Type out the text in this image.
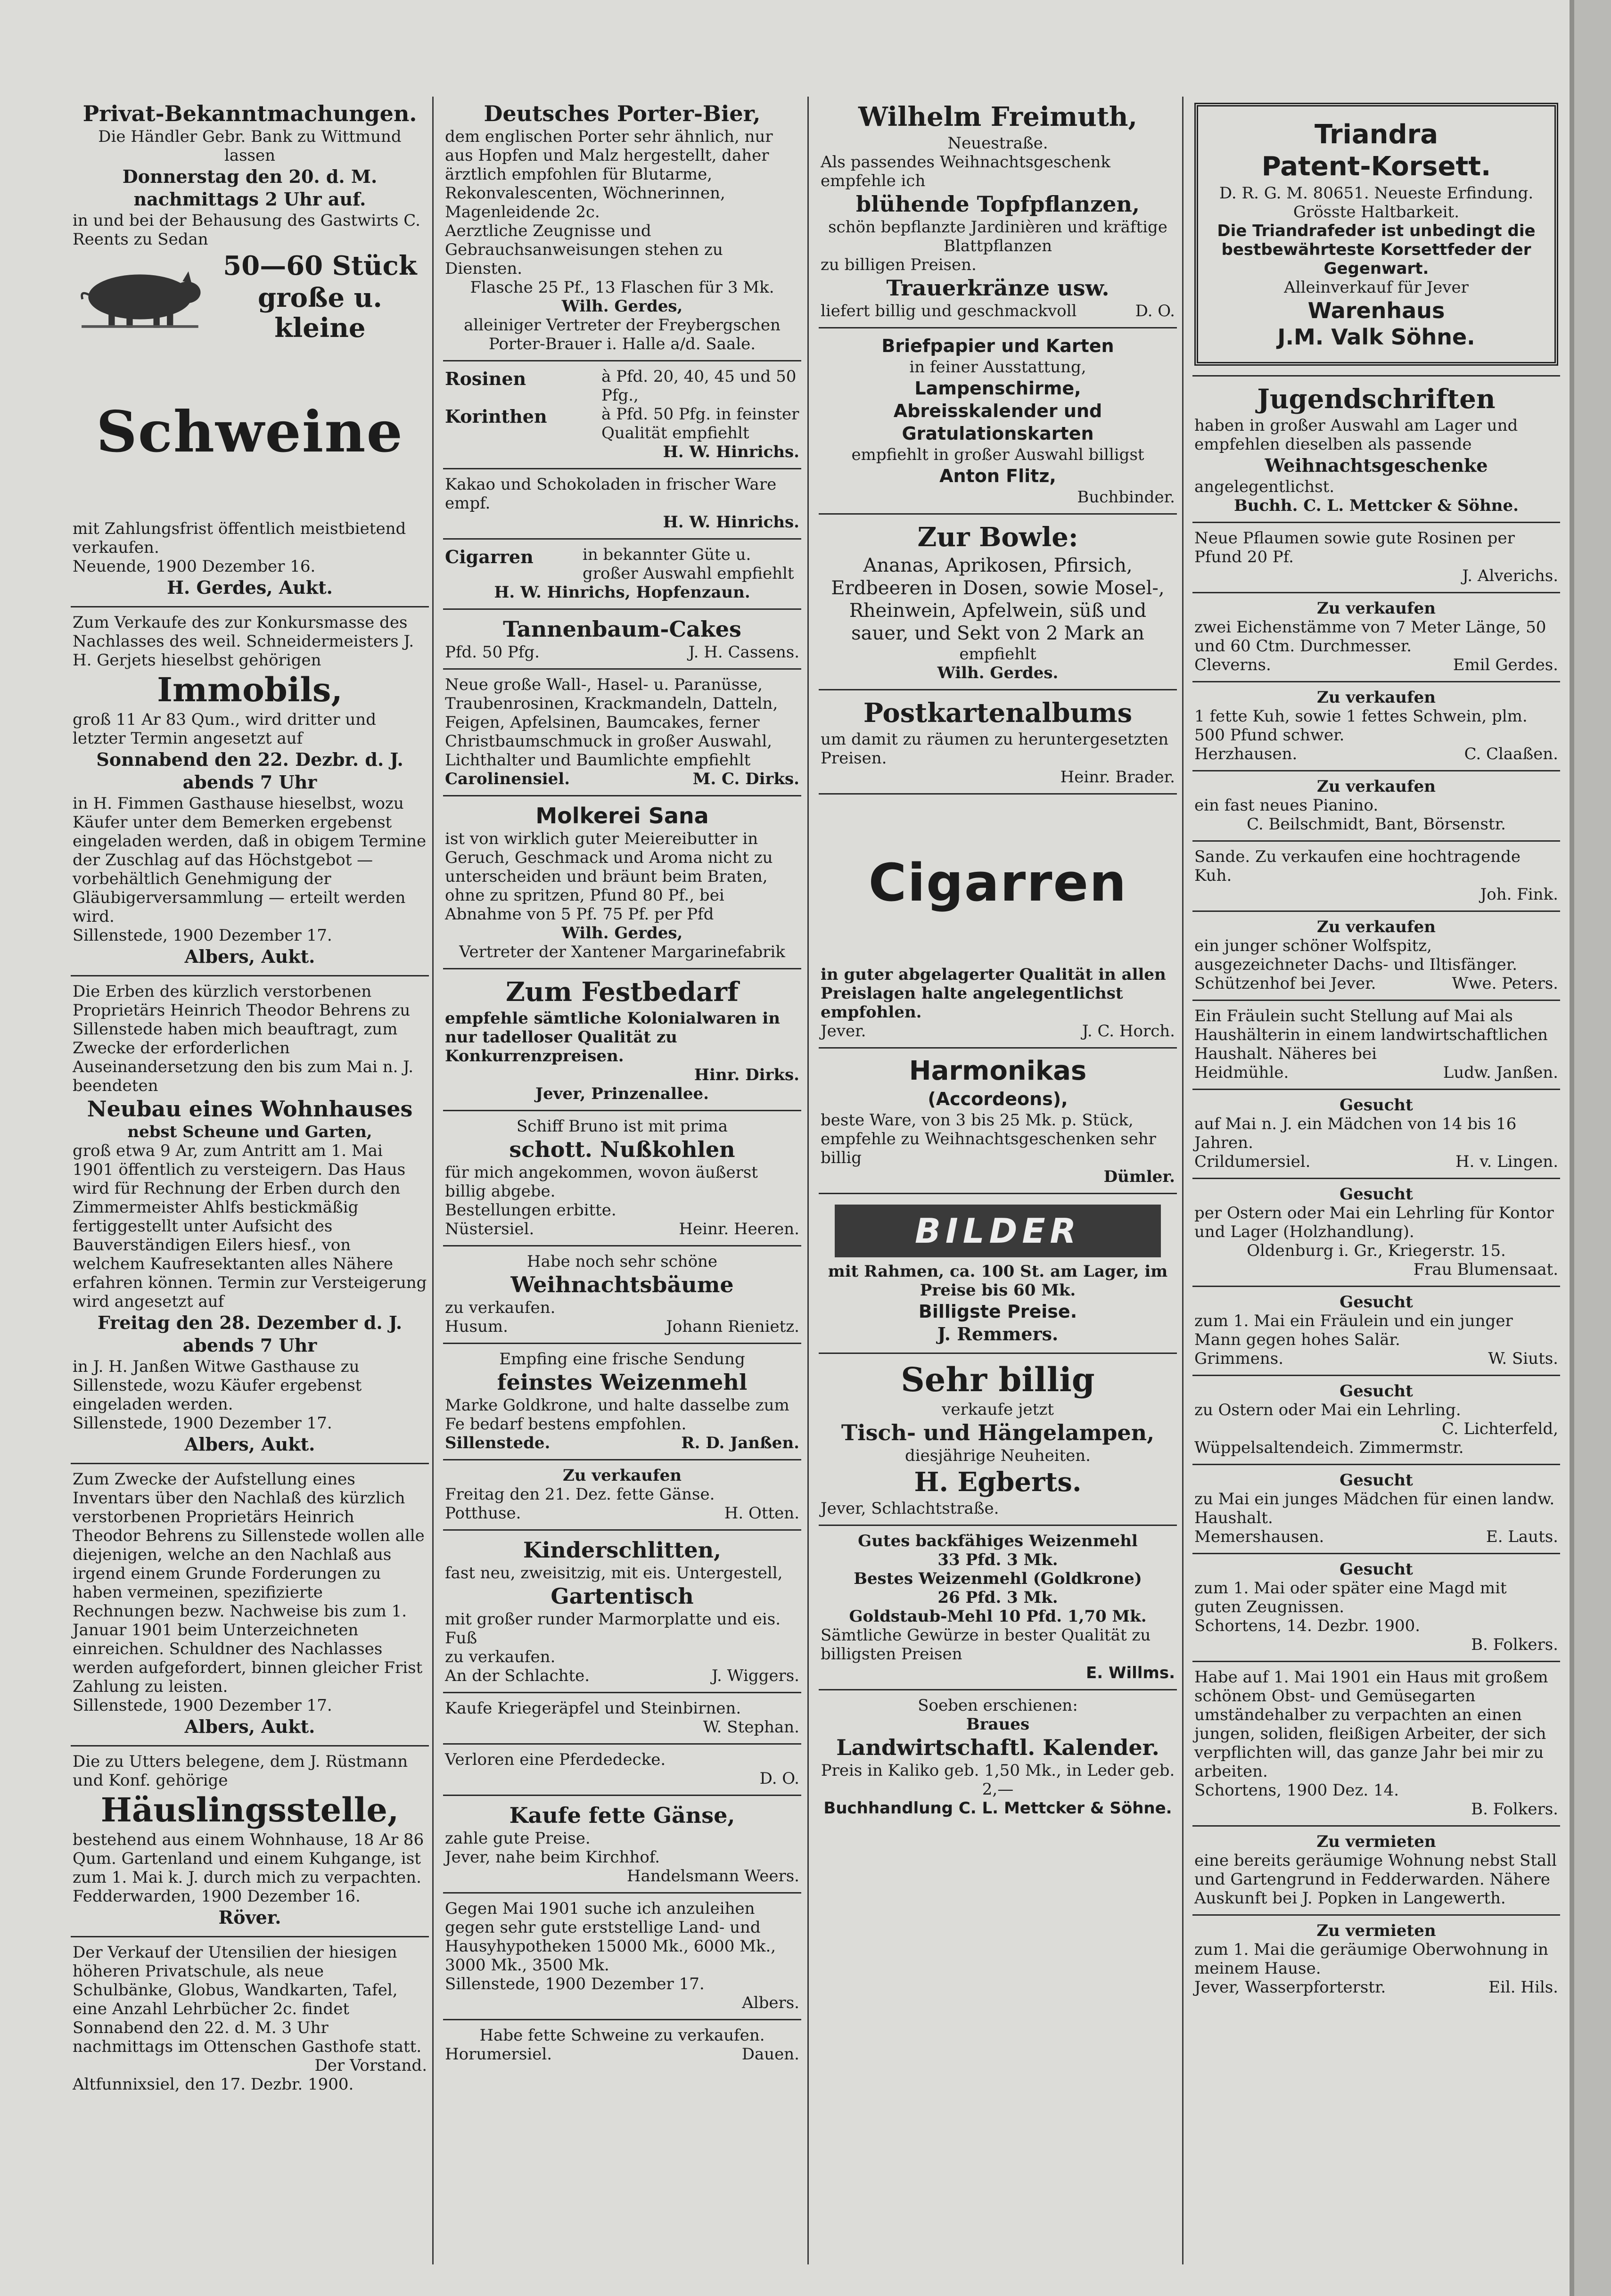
Privat-Bekanntmachungen.

Die Händler Gebr. Bank zu Wittmund lassen

Donnerstag den 20. d. M.

nachmittags 2 Uhr auf.

in und bei der Behausung des Gastwirts C. Reents zu Sedan

50—60 Stück

große u. kleine

Schweine

mit Zahlungsfrist öffentlich meistbietend verkaufen.

Neuende, 1900 Dezember 16.

H. Gerdes, Aukt.

Zum Verkaufe des zur Konkursmasse des Nachlasses des weil. Schneidermeisters J. H. Gerjets hieselbst gehörigen

Immobils,

groß 11 Ar 83 Qum., wird dritter und letzter Termin angesetzt auf

Sonnabend den 22. Dezbr. d. J.

abends 7 Uhr

in H. Fimmen Gasthause hieselbst, wozu Käufer unter dem Bemerken ergebenst eingeladen werden, daß in obigem Termine der Zuschlag auf das Höchstgebot — vorbehältlich Genehmigung der Gläubigerversammlung — erteilt werden wird.

Sillenstede, 1900 Dezember 17.

Albers, Aukt.

Die Erben des kürzlich verstorbenen Proprietärs Heinrich Theodor Behrens zu Sillenstede haben mich beauftragt, zum Zwecke der erforderlichen Auseinandersetzung den bis zum Mai n. J. beendeten

Neubau eines Wohnhauses

nebst Scheune und Garten,

groß etwa 9 Ar, zum Antritt am 1. Mai 1901 öffentlich zu versteigern. Das Haus wird für Rechnung der Erben durch den Zimmermeister Ahlfs bestickmäßig fertiggestellt unter Aufsicht des Bauverständigen Eilers hiesf., von welchem Kaufresektanten alles Nähere erfahren können. Termin zur Versteigerung wird angesetzt auf

Freitag den 28. Dezember d. J.

abends 7 Uhr

in J. H. Janßen Witwe Gasthause zu Sillenstede, wozu Käufer ergebenst eingeladen werden.

Sillenstede, 1900 Dezember 17.

Albers, Aukt.

Zum Zwecke der Aufstellung eines Inventars über den Nachlaß des kürzlich verstorbenen Proprietärs Heinrich Theodor Behrens zu Sillenstede wollen alle diejenigen, welche an den Nachlaß aus irgend einem Grunde Forderungen zu haben vermeinen, spezifizierte Rechnungen bezw. Nachweise bis zum 1. Januar 1901 beim Unterzeichneten einreichen. Schuldner des Nachlasses werden aufgefordert, binnen gleicher Frist Zahlung zu leisten.

Sillenstede, 1900 Dezember 17.

Albers, Aukt.

Die zu Utters belegene, dem J. Rüstmann und Konf. gehörige

Häuslingsstelle,

bestehend aus einem Wohnhause, 18 Ar 86 Qum. Gartenland und einem Kuhgange, ist zum 1. Mai k. J. durch mich zu verpachten.

Fedderwarden, 1900 Dezember 16.

Röver.

Der Verkauf der Utensilien der hiesigen höheren Privatschule, als neue Schulbänke, Globus, Wandkarten, Tafel, eine Anzahl Lehrbücher 2c. findet Sonnabend den 22. d. M. 3 Uhr nachmittags im Ottenschen Gasthofe statt.

Der Vorstand.

Altfunnixsiel, den 17. Dezbr. 1900.

Deutsches Porter-Bier,

dem englischen Porter sehr ähnlich, nur aus Hopfen und Malz hergestellt, daher ärztlich empfohlen für Blutarme, Rekonvalescenten, Wöchnerinnen, Magenleidende 2c.

Aerztliche Zeugnisse und Gebrauchsanweisungen stehen zu Diensten.

Flasche 25 Pf., 13 Flaschen für 3 Mk.

Wilh. Gerdes,

alleiniger Vertreter der Freybergschen Porter-Brauer i. Halle a/d. Saale.

Rosinen	à Pfd. 20, 40, 45 und 50 Pfg.,

Korinthen	à Pfd. 50 Pfg. in feinster Qualität empfiehlt

H. W. Hinrichs.

Kakao und Schokoladen in frischer Ware empf.

H. W. Hinrichs.

Cigarren	in bekannter Güte u. großer Auswahl empfiehlt

H. W. Hinrichs, Hopfenzaun.

Tannenbaum-Cakes

Pfd. 50 Pfg.	J. H. Cassens.

Neue große Wall-, Hasel- u. Paranüsse, Traubenrosinen, Krackmandeln, Datteln, Feigen, Apfelsinen, Baumcakes, ferner Christbaumschmuck in großer Auswahl, Lichthalter und Baumlichte empfiehlt

Carolinensiel.	M. C. Dirks.

Molkerei Sana

ist von wirklich guter Meiereibutter in Geruch, Geschmack und Aroma nicht zu unterscheiden und bräunt beim Braten, ohne zu spritzen, Pfund 80 Pf., bei Abnahme von 5 Pf. 75 Pf. per Pfd

Wilh. Gerdes,

Vertreter der Xantener Margarinefabrik

Zum Festbedarf

empfehle sämtliche Kolonialwaren in nur tadelloser Qualität zu Konkurrenzpreisen.

Hinr. Dirks.

Jever, Prinzenallee.

Schiff Bruno ist mit prima

schott. Nußkohlen

für mich angekommen, wovon äußerst billig abgebe.

Bestellungen erbitte.

Nüstersiel.	Heinr. Heeren.

Habe noch sehr schöne

Weihnachtsbäume

zu verkaufen.

Husum.	Johann Rienietz.

Empfing eine frische Sendung

feinstes Weizenmehl

Marke Goldkrone, und halte dasselbe zum Fe bedarf bestens empfohlen.

Sillenstede.	R. D. Janßen.

Zu verkaufen

Freitag den 21. Dez. fette Gänse.

Potthuse.	H. Otten.

Kinderschlitten,

fast neu, zweisitzig, mit eis. Untergestell,

Gartentisch

mit großer runder Marmorplatte und eis. Fuß

zu verkaufen.

An der Schlachte.	J. Wiggers.

Kaufe Kriegeräpfel und Steinbirnen.

W. Stephan.

Verloren eine Pferdedecke.

D. O.

Kaufe fette Gänse,

zahle gute Preise.

Jever, nahe beim Kirchhof.

Handelsmann Weers.

Gegen Mai 1901 suche ich anzuleihen gegen sehr gute erststellige Land- und Hausyhypotheken 15000 Mk., 6000 Mk., 3000 Mk., 3500 Mk.

Sillenstede, 1900 Dezember 17.

Albers.

Habe fette Schweine zu verkaufen.

Horumersiel.	Dauen.

Wilhelm Freimuth,

Neuestraße.

Als passendes Weihnachtsgeschenk empfehle ich

blühende Topfpflanzen,

schön bepflanzte Jardinièren und kräftige Blattpflanzen

zu billigen Preisen.

Trauerkränze usw.

liefert billig und geschmackvoll	D. O.

Briefpapier und Karten

in feiner Ausstattung,

Lampenschirme,

Abreisskalender und

Gratulationskarten

empfiehlt in großer Auswahl billigst

Anton Flitz,

Buchbinder.

Zur Bowle:

Ananas, Aprikosen, Pfirsich, Erdbeeren in Dosen, sowie Mosel-, Rheinwein, Apfelwein, süß und sauer, und Sekt von 2 Mark an

empfiehlt

Wilh. Gerdes.

Postkartenalbums

um damit zu räumen zu heruntergesetzten Preisen.

Heinr. Brader.

Cigarren

in guter abgelagerter Qualität in allen Preislagen halte angelegentlichst empfohlen.

Jever.	J. C. Horch.

Harmonikas

(Accordeons),

beste Ware, von 3 bis 25 Mk. p. Stück, empfehle zu Weihnachtsgeschenken sehr billig

Dümler.

BILDER

mit Rahmen, ca. 100 St. am Lager, im Preise bis 60 Mk.

Billigste Preise.

J. Remmers.

Sehr billig

verkaufe jetzt

Tisch- und Hängelampen,

diesjährige Neuheiten.

H. Egberts.

Jever, Schlachtstraße.

Gutes backfähiges Weizenmehl

33 Pfd. 3 Mk.

Bestes Weizenmehl (Goldkrone)

26 Pfd. 3 Mk.

Goldstaub-Mehl 10 Pfd. 1,70 Mk.

Sämtliche Gewürze in bester Qualität zu billigsten Preisen

E. Willms.

Soeben erschienen:

Braues

Landwirtschaftl. Kalender.

Preis in Kaliko geb. 1,50 Mk., in Leder geb. 2,—

Buchhandlung C. L. Mettcker & Söhne.

Triandra

Patent-Korsett.

D. R. G. M. 80651. Neueste Erfindung. Grösste Haltbarkeit.

Die Triandrafeder ist unbedingt die bestbewährteste Korsettfeder der Gegenwart.

Alleinverkauf für Jever

Warenhaus

J.M. Valk Söhne.

Jugendschriften

haben in großer Auswahl am Lager und empfehlen dieselben als passende

Weihnachtsgeschenke

angelegentlichst.

Buchh. C. L. Mettcker & Söhne.

Neue Pflaumen sowie gute Rosinen per Pfund 20 Pf.

J. Alverichs.

Zu verkaufen

zwei Eichenstämme von 7 Meter Länge, 50 und 60 Ctm. Durchmesser.

Cleverns.	Emil Gerdes.

Zu verkaufen

1 fette Kuh, sowie 1 fettes Schwein, plm. 500 Pfund schwer.

Herzhausen.	C. Claaßen.

Zu verkaufen

ein fast neues Pianino.

C. Beilschmidt, Bant, Börsenstr.

Sande. Zu verkaufen eine hochtragende Kuh.

Joh. Fink.

Zu verkaufen

ein junger schöner Wolfspitz, ausgezeichneter Dachs- und Iltisfänger.

Schützenhof bei Jever.	Wwe. Peters.

Ein Fräulein sucht Stellung auf Mai als Haushälterin in einem landwirtschaftlichen Haushalt. Näheres bei

Heidmühle.	Ludw. Janßen.

Gesucht

auf Mai n. J. ein Mädchen von 14 bis 16 Jahren.

Crildumersiel.	H. v. Lingen.

Gesucht

per Ostern oder Mai ein Lehrling für Kontor und Lager (Holzhandlung).

Oldenburg i. Gr., Kriegerstr. 15.

Frau Blumensaat.

Gesucht

zum 1. Mai ein Fräulein und ein junger Mann gegen hohes Salär.

Grimmens.	W. Siuts.

Gesucht

zu Ostern oder Mai ein Lehrling.

C. Lichterfeld,

Wüppelsaltendeich. Zimmermstr.

Gesucht

zu Mai ein junges Mädchen für einen landw. Haushalt.

Memershausen.	E. Lauts.

Gesucht

zum 1. Mai oder später eine Magd mit guten Zeugnissen.

Schortens, 14. Dezbr. 1900.

B. Folkers.

Habe auf 1. Mai 1901 ein Haus mit großem schönem Obst- und Gemüsegarten umständehalber zu verpachten an einen jungen, soliden, fleißigen Arbeiter, der sich verpflichten will, das ganze Jahr bei mir zu arbeiten.

Schortens, 1900 Dez. 14.

B. Folkers.

Zu vermieten

eine bereits geräumige Wohnung nebst Stall und Gartengrund in Fedderwarden. Nähere Auskunft bei J. Popken in Langewerth.

Zu vermieten

zum 1. Mai die geräumige Oberwohnung in meinem Hause.

Jever, Wasserpforterstr.	Eil. Hils.
